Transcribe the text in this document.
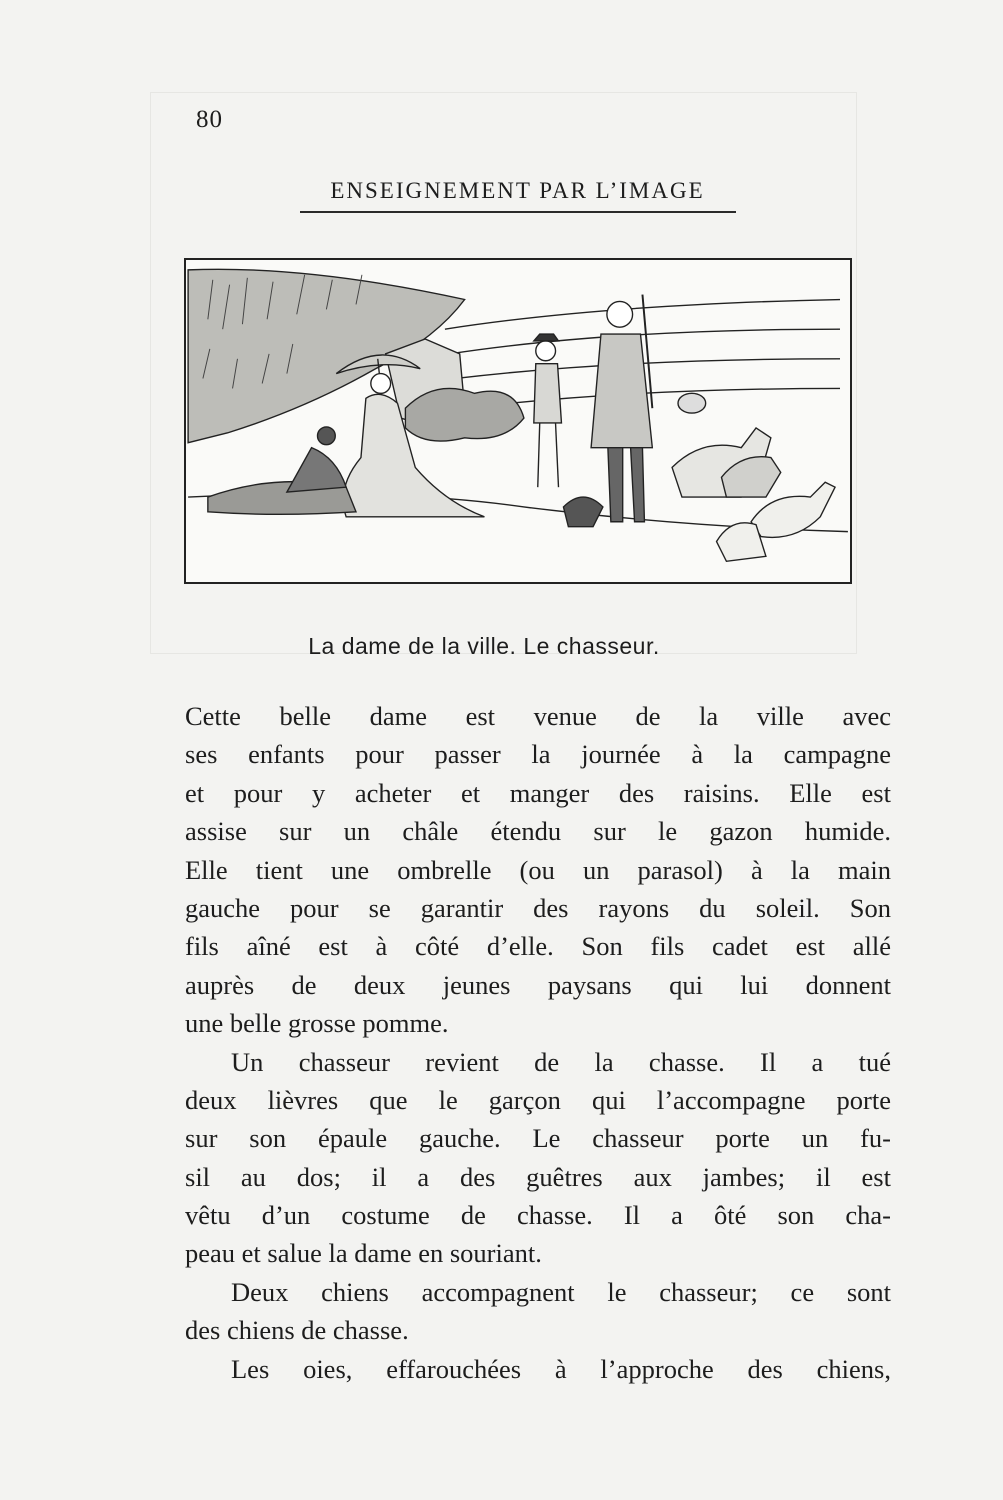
80
ENSEIGNEMENT PAR L’IMAGE
La dame de la ville. Le chasseur.
Cette belle dame est venue de la ville avec
ses enfants pour passer la journée à la campagne
et pour y acheter et manger des raisins. Elle est
assise sur un châle étendu sur le gazon humide.
Elle tient une ombrelle (ou un parasol) à la main
gauche pour se garantir des rayons du soleil. Son
fils aîné est à côté d’elle. Son fils cadet est allé
auprès de deux jeunes paysans qui lui donnent
une belle grosse pomme.
Un chasseur revient de la chasse. Il a tué
deux lièvres que le garçon qui l’accompagne porte
sur son épaule gauche. Le chasseur porte un fu-
sil au dos; il a des guêtres aux jambes; il est
vêtu d’un costume de chasse. Il a ôté son cha-
peau et salue la dame en souriant.
Deux chiens accompagnent le chasseur; ce sont
des chiens de chasse.
Les oies, effarouchées à l’approche des chiens,
